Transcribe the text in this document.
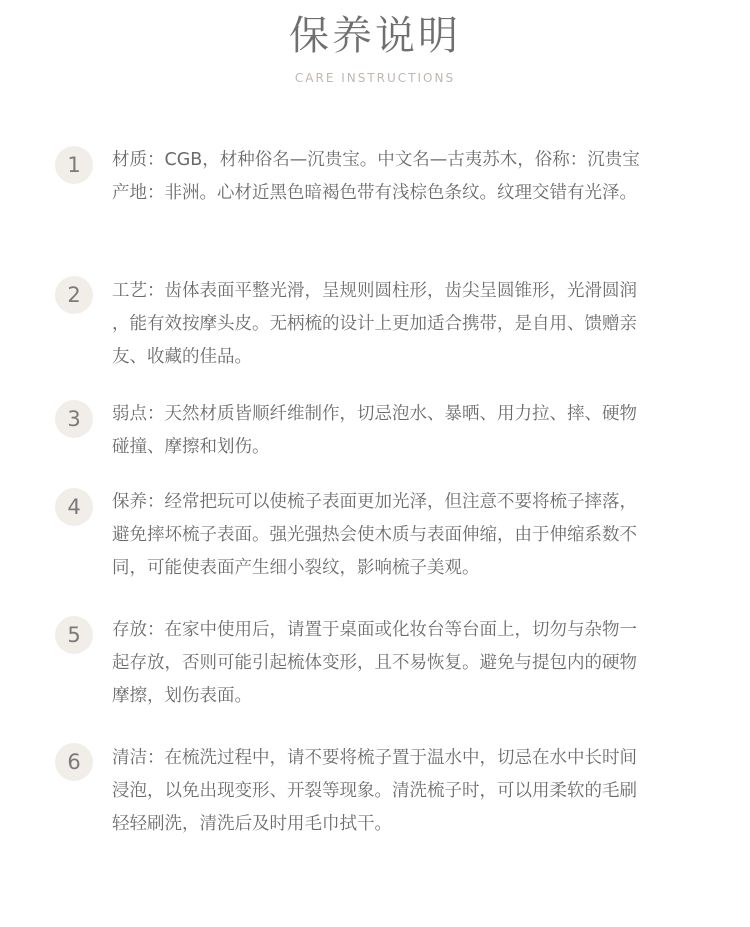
保养说明
CARE INSTRUCTIONS
1	材质：CGB，材种俗名—沉贵宝。中文名—古夷苏木，俗称：沉贵宝
产地：非洲。心材近黑色暗褐色带有浅棕色条纹。纹理交错有光泽。
2	工艺：齿体表面平整光滑，呈规则圆柱形，齿尖呈圆锥形，光滑圆润
，能有效按摩头皮。无柄梳的设计上更加适合携带，是自用、馈赠亲
友、收藏的佳品。
3	弱点：天然材质皆顺纤维制作，切忌泡水、暴晒、用力拉、摔、硬物
碰撞、摩擦和划伤。
4	保养：经常把玩可以使梳子表面更加光泽，但注意不要将梳子摔落，
避免摔坏梳子表面。强光强热会使木质与表面伸缩，由于伸缩系数不
同，可能使表面产生细小裂纹，影响梳子美观。
5	存放：在家中使用后，请置于桌面或化妆台等台面上，切勿与杂物一
起存放，否则可能引起梳体变形，且不易恢复。避免与提包内的硬物
摩擦，划伤表面。
6	清洁：在梳洗过程中，请不要将梳子置于温水中，切忌在水中长时间
浸泡，以免出现变形、开裂等现象。清洗梳子时，可以用柔软的毛刷
轻轻刷洗，清洗后及时用毛巾拭干。
